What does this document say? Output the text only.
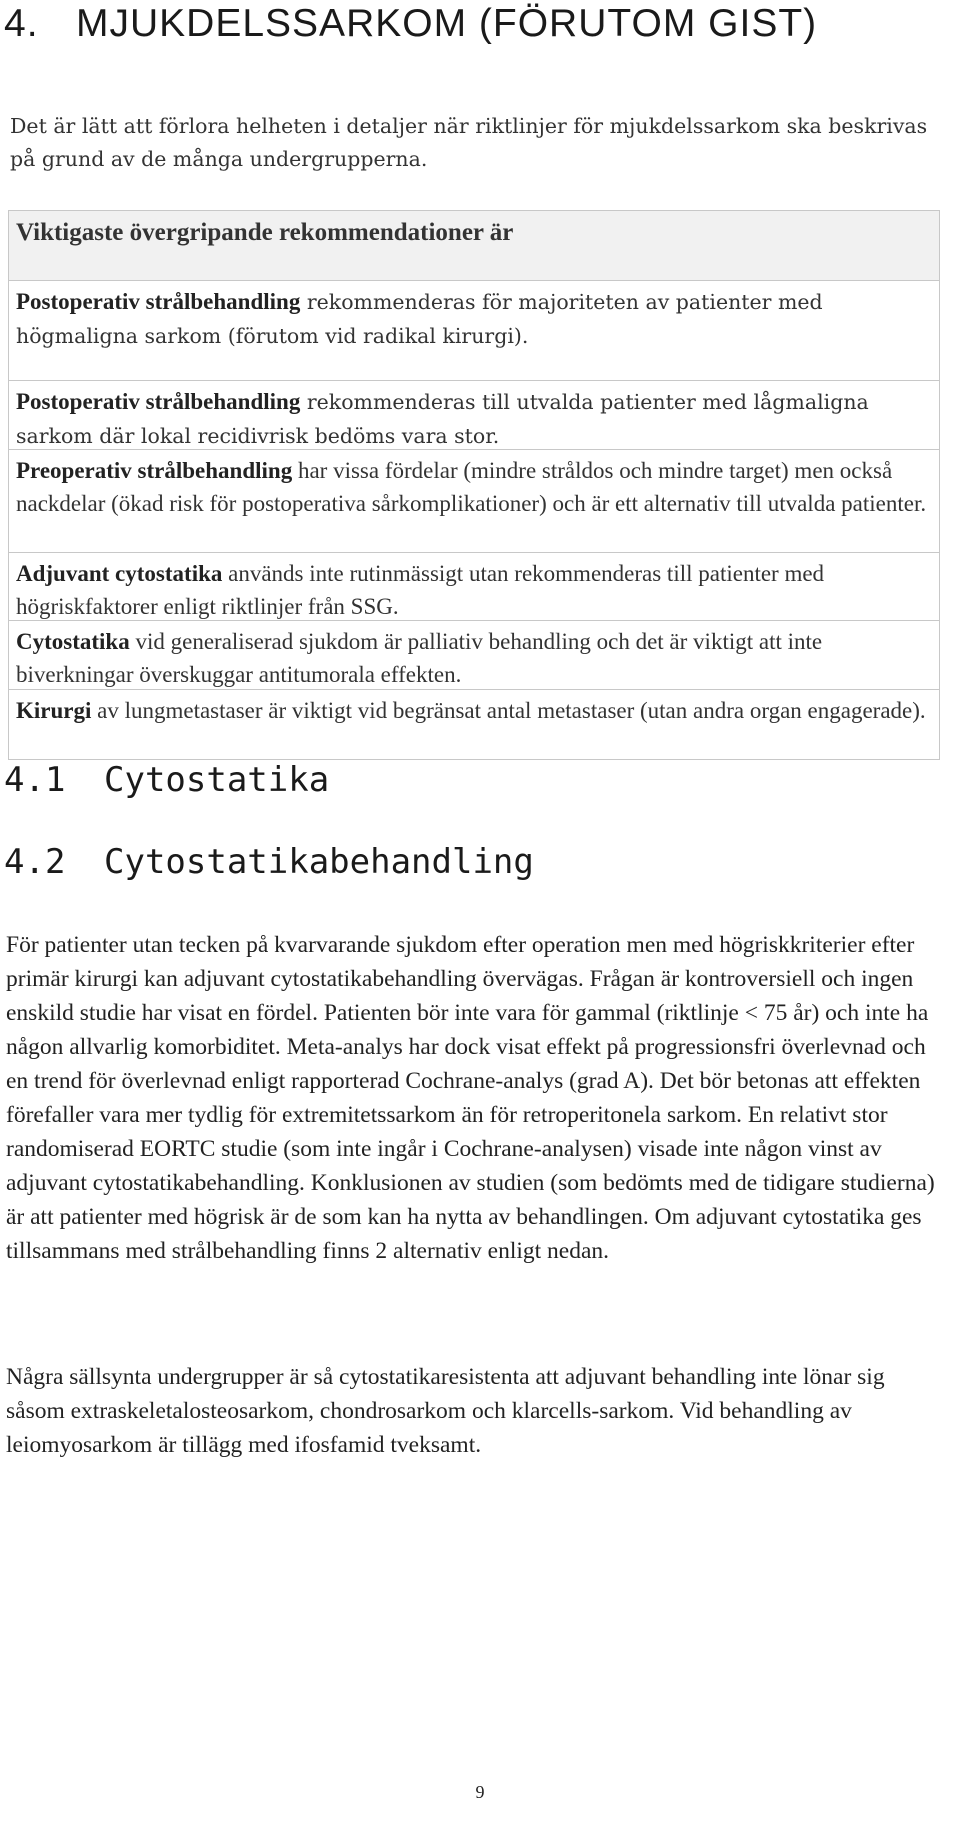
4. MJUKDELSSARKOM (FÖRUTOM GIST)

Det är lätt att förlora helheten i detaljer när riktlinjer för mjukdelssarkom ska beskrivas på grund av de många undergrupperna.

Viktigaste övergripande rekommendationer är
Postoperativ strålbehandling rekommenderas för majoriteten av patienter med högmaligna sarkom (förutom vid radikal kirurgi).
Postoperativ strålbehandling rekommenderas till utvalda patienter med lågmaligna sarkom där lokal recidivrisk bedöms vara stor.
Preoperativ strålbehandling har vissa fördelar (mindre stråldos och mindre target) men också nackdelar (ökad risk för postoperativa sårkomplikationer) och är ett alternativ till utvalda patienter.
Adjuvant cytostatika används inte rutinmässigt utan rekommenderas till patienter med högriskfaktorer enligt riktlinjer från SSG.
Cytostatika vid generaliserad sjukdom är palliativ behandling och det är viktigt att inte biverkningar överskuggar antitumorala effekten.
Kirurgi av lungmetastaser är viktigt vid begränsat antal metastaser (utan andra organ engagerade).
4.1 Cytostatika
4.2 Cytostatikabehandling

För patienter utan tecken på kvarvarande sjukdom efter operation men med högriskkriterier efter primär kirurgi kan adjuvant cytostatikabehandling övervägas. Frågan är kontroversiell och ingen enskild studie har visat en fördel. Patienten bör inte vara för gammal (riktlinje < 75 år) och inte ha någon allvarlig komorbiditet. Meta-analys har dock visat effekt på progressionsfri överlevnad och en trend för överlevnad enligt rapporterad Cochrane-analys (grad A). Det bör betonas att effekten förefaller vara mer tydlig för extremitetssarkom än för retroperitonela sarkom. En relativt stor randomiserad EORTC studie (som inte ingår i Cochrane-analysen) visade inte någon vinst av adjuvant cytostatikabehandling. Konklusionen av studien (som bedömts med de tidigare studierna) är att patienter med högrisk är de som kan ha nytta av behandlingen. Om adjuvant cytostatika ges tillsammans med strålbehandling finns 2 alternativ enligt nedan.

Några sällsynta undergrupper är så cytostatikaresistenta att adjuvant behandling inte lönar sig såsom extraskeletalosteosarkom, chondrosarkom och klarcells-sarkom. Vid behandling av leiomyosarkom är tillägg med ifosfamid tveksamt.

9
